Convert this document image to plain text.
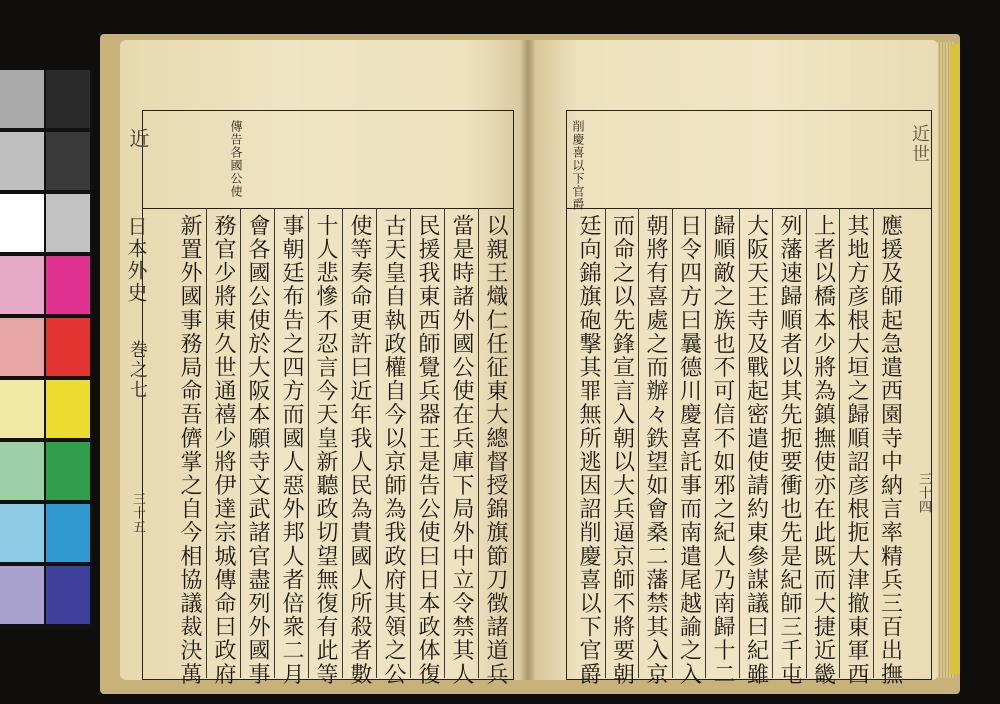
近
日本外史
巻之七
三十五
傳告各國公使
以親王熾仁任征東大總督授錦旗節刀徴諸道兵
當是時諸外國公使在兵庫下局外中立令禁其人
民援我東西師覺兵器王是告公使曰日本政体復
古天皇自執政權自今以京師為我政府其領之公
使等奏命更許曰近年我人民為貴國人所殺者數
十人悲慘不忍言今天皇新聽政切望無復有此等
事朝廷布告之四方而國人惡外邦人者倍衆二月
會各國公使於大阪本願寺文武諸官盡列外國事
務官少將東久世通禧少將伊達宗城傳命曰政府
新置外國事務局命吾儕掌之自今相協議裁決萬
近世
三十四
削慶喜以下官爵
應援及師起急遣西園寺中納言率精兵三百出撫
其地方彦根大垣之歸順詔彦根扼大津撤東軍西
上者以橋本少將為鎮撫使亦在此既而大捷近畿
列藩速歸順者以其先扼要衝也先是紀師三千屯
大阪天王寺及戰起密遣使請約東參謀議曰紀雖
歸順敵之族也不可信不如邪之紀人乃南歸十二
日令四方曰曩德川慶喜託事而南遣尾越諭之入
朝將有喜處之而辦々鉄望如會桑二藩禁其入京
而命之以先鋒宣言入朝以大兵逼京師不將要朝
廷向錦旗砲撃其罪無所逃因詔削慶喜以下官爵
